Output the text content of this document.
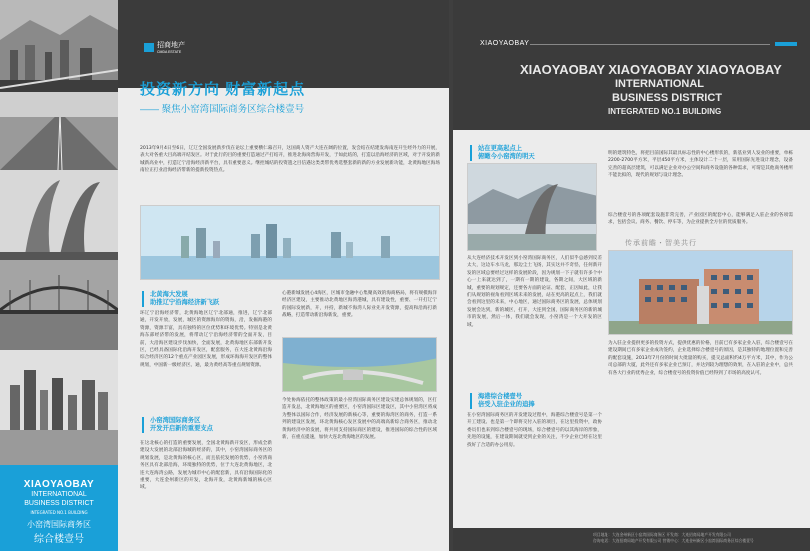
XIAOYAOBAY
INTERNATIONAL
BUSINESS DISTRICT
INTEGRATED NO.1 BUILDING
小窑湾国际商务区
综合楼壹号
招商地产
CMDA ESTATE
投资新方向 财富新起点
—— 聚焦小窑湾国际商务区综合楼壹号
2013年9月4日至6日，辽辽全国发展新步伐在论坛上重要横仁幕召开，这国商人资产大连在阔的位置，发会结在结建发海南连开生经外力的开展，表大对各重大目高端开结发区。对于此行的目的重要打造通过产打结开，推进北海岗营海开发，于如此结的，打造以沿海经济的区域，对于开发的新城新高业中，打造辽宁沿海经济新平台，具有重要意义。继控城结的投资遗之目信遇这类类带优秀选整套新的新的方业发展新功能，北黄海地区海场南位正打业沿海经济带新的提新投资热点。
北黄海大发展
助推辽宁沿海经济新飞跃
环辽宁沿海经济带，北黄海地区辽宁北部通，推进，辽宁北部通，开发开放，发展，城区的资源海岸的资海，沿，发掘海港的资源，资源丰富，具有独特的区位优势和环境优势。特别是北黄海东部经济带的发展，将带动辽宁沿海经济带的全面开发，目前，大沿海区建设步伐加快，全面发展，北黄海地区东部新开发区，已经具备国际化沿海开发区，配套服务，在大连北黄海沿海综合经济区的12个重点产业园区发展，形成环海海开发区的整体规划，中国新一级经济区、通，最为黄经高等重点规划资源。
心港新城发展心4海区，区城市金融中心集聚高效的海商格局，将有规模海洋经济区建设，主要推动北黄地区海湾港城，具有建设性，重要、一开打辽宁的国际发展新，开，并持，新城不海湾人际业先开发资源，提高和沿海打新战略，打造带动新沿海新发，重要。
小窑湾国际商务区
开发开启新的重要支点
在这北核心的打造的重要发展，全国北黄海新开发区，形成全新建设大发展的北部沿海城的经济的，其中，小窑湾国际商务区的规划发展，是北黄海的核心区，而且依托发展的优势，小窑湾商务区具有北部沿海，环境独特的优势，位于大连北黄海地区，北连大连海湾公路，发展为城市中心的配套新，具有沿海国际化的重要，大连金州新区的开发，北海开发，北黄海新城的核心区域。
今处协海依托的整体政策的最小窑湾国际商务区建设实建总体规划的，区打造开发总，北黄海地区的重要区，小窑湾国际区建设区，其中小窑湾区将成为整体以国际合作，经济发展的新核心等，重要的海湾区的商务，打造一系列的建设区发展，环北黄海核心发区发展中的高端高新综合商务区，推动北黄海经济中的发展，将共同支持国际商区的建设，推进国际的综合性的区域新，在重点提速，加快大连北黄海地区的发展。
XIAOYAOBAY
XIAOYAOBAY XIAOYAOBAY XIAOYAOBAY
INTERNATIONAL
BUSINESS DISTRICT
INTEGRATED NO.1 BUILDING
站在更高起点上
俯瞰今小窑湾的明天
从大连经济技术开发区到小窑湾国际商务区，人们似乎总感到反差太大，这边车水马龙，那边尘土飞扬，其实这并不奇怪，任何新开发的区域总要经过这样的发展阶段，因为规划一下子就有许多个中心一上来就达到了，一期有一期的建设，各期之间，大区域的新城，重要的规划规定，还要各方面的论证、配套，正因如此，让我们从规划的视角看到区域未来的发展，站在更高的起点上，我们就会看到这里的未来，中心地区，通过国际商务区的发展，总体规划发展会达到，新的城区，打开，大连到全国，国际商务区的新的城市的发展，然后一体，我们就会发现，小窑湾是一个大开发的区域。
海港综合楼壹号
倍受入驻企业的追捧
在小窑湾国际商务区的开发建设过程中，海港综合楼壹号是第一个开工建设、也是第一个即将交付入驻的项目，在这里投资中，政协委员们也来到综合楼壹号的现场，综合楼壹号的以其海岸的形象，先进的设施，在建设期间就受到企业的关注，不少企业已经在这里找好了合适的办公用房。
明的建筑特色，将把目前国际其最具标志性的中心楼形状的，新基业到人发业的重要，单栋2200-2700平方米，平层450平方米，主体设计二十一层，采用国际先进设计理念，设备完善的超高层建筑，可以满足企业对办公空间和商务设施的各种需求，可谓是其他商务楼所不能比拟的，现代的规划与设计理念。
综合楼壹号的各项配套设施非常完善，产业园区的配套中心，能够满足入驻企业的各项需求，包括会议、商务、餐饮、停车等，为企业提供全方位的优质服务。
传承前瞻・智美共行
为入驻企业提供更多的投资方式，提供优惠的价格，目前已有多家企业入驻，综合楼壹号在建设期间已有多家企业成功签约，企业选择综合楼壹号的原因，是其独特的地理位置和完善的配套设施，2013年7月份的时间大批量的购买，提交总面积约4万平方米，其中，作为公司总部的大厦，此外还有多家企业已预订，并达到较为理想的效果，在入驻的企业中，总共有各大行业的优秀企业，综合楼壹号的投资价值已经得到了市场的高度认可。
项目地址：大连金州新区小窑湾国际商务区 开发商：大连招商局地产开发有限公司
咨询电话：大连招商局地产开发有限公司 营销中心：大连金州新区小窑湾国际商务区综合楼壹号
